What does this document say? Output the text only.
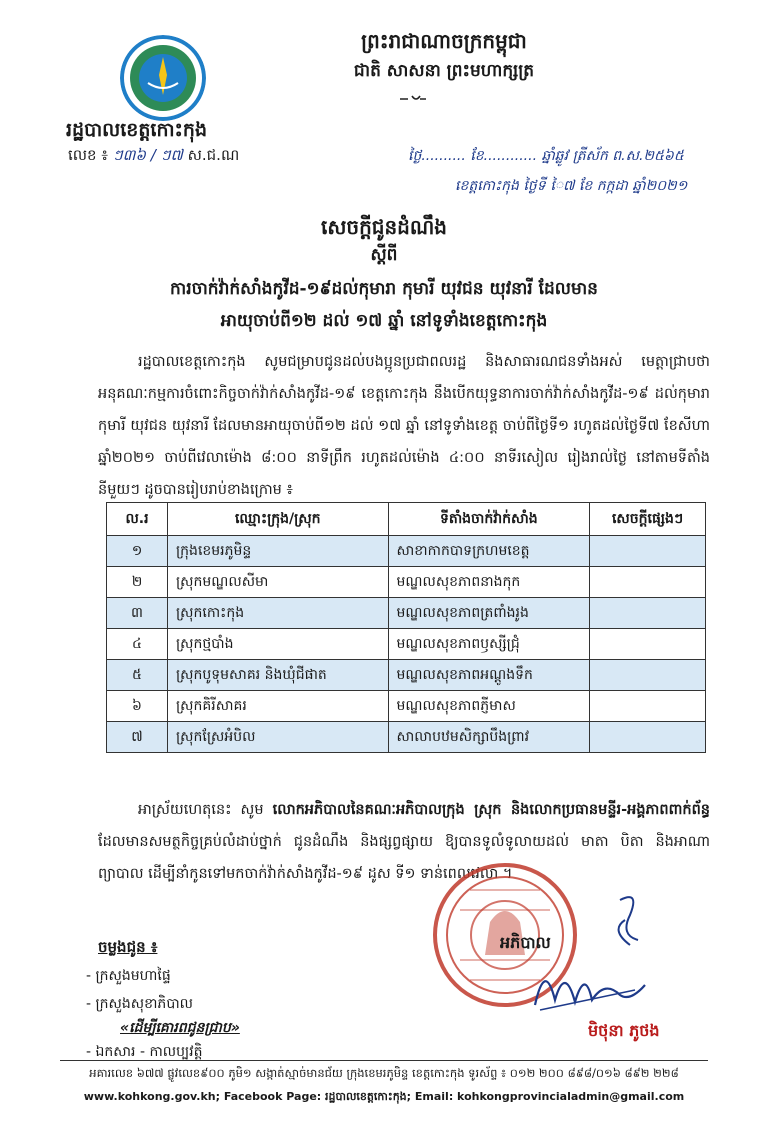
ព្រះរាជាណាចក្រកម្ពុជា
ជាតិ សាសនា ព្រះមហាក្សត្រ
រដ្ឋបាលខេត្តកោះកុង
លេខ ៖ ៗ៣៦ / ៗ៧ ស.ជ.ណ	ថ្ងៃ.......... ខែ............ ឆ្នាំឆ្លូវ ត្រីស័ក ព.ស.២៥៦៥
ខេត្តកោះកុង ថ្ងៃទី ៃ៧ ខែ កក្កដា ឆ្នាំ២០២១
សេចក្តីជូនដំណឹង
ស្តីពី
ការចាក់វ៉ាក់សាំងកូវីដ-១៩ដល់កុមារា កុមារី យុវជន យុវនារី ដែលមាន
អាយុចាប់ពី១២ ដល់ ១៧ ឆ្នាំ នៅទូទាំងខេត្តកោះកុង
រដ្ឋបាលខេត្តកោះកុង សូមជម្រាបជូនដល់បងប្អូនប្រជាពលរដ្ឋ និងសាធារណជនទាំងអស់ មេត្តាជ្រាបថា អនុគណៈកម្មការចំពោះកិច្ចចាក់វ៉ាក់សាំងកូវីដ-១៩ ខេត្តកោះកុង នឹងបើកយុទ្ធនាការចាក់វ៉ាក់សាំងកូវីដ-១៩ ដល់កុមារា កុមារី យុវជន យុវនារី ដែលមានអាយុចាប់ពី១២ ដល់ ១៧ ឆ្នាំ នៅទូទាំងខេត្ត ចាប់ពីថ្ងៃទី១ រហូតដល់ថ្ងៃទី៧ ខែសីហា ឆ្នាំ២០២១ ចាប់ពីវេលាម៉ោង ៨:០០ នាទីព្រឹក រហូតដល់ម៉ោង ៤:០០ នាទីរសៀល រៀងរាល់ថ្ងៃ នៅតាមទីតាំងនីមួយៗ ដូចបានរៀបរាប់ខាងក្រោម ៖
ល.រ	ឈ្មោះក្រុង/ស្រុក	ទីតាំងចាក់វ៉ាក់សាំង	សេចក្តីផ្សេងៗ
១	ក្រុងខេមរភូមិន្ទ	សាខាកាកបាទក្រហមខេត្ត	
២	ស្រុកមណ្ឌលសីមា	មណ្ឌលសុខភាពនាងកុក	
៣	ស្រុកកោះកុង	មណ្ឌលសុខភាពត្រពាំងរូង	
៤	ស្រុកថ្មបាំង	មណ្ឌលសុខភាពឫស្សីជ្រុំ	
៥	ស្រុកបូទុមសាគរ និងឃុំជីផាត	មណ្ឌលសុខភាពអណ្តូងទឹក	
៦	ស្រុកគិរីសាគរ	មណ្ឌលសុខភាពភ្ញីមាស	
៧	ស្រុកស្រែអំបិល	សាលាបឋមសិក្សាបឹងព្រាវ	
អាស្រ័យហេតុនេះ សូម លោកអភិបាលនៃគណៈអភិបាលក្រុង ស្រុក និងលោកប្រធានមន្ទីរ-អង្គភាពពាក់ព័ន្ធ ដែលមានសមត្ថកិច្ចគ្រប់លំដាប់ថ្នាក់ ជូនដំណឹង និងផ្សព្វផ្សាយ ឱ្យបានទូលំទូលាយដល់ មាតា បិតា និងអាណាព្យាបាល ដើម្បីនាំកូនទៅមកចាក់វ៉ាក់សាំងកូវីដ-១៩ ដូស ទី១ ទាន់ពេលវេលា ។
អភិបាល
មិថុនា ភូថង
ចម្លងជូន ៖
- ក្រសួងមហាផ្ទៃ
- ក្រសួងសុខាភិបាល
«ដើម្បីគោរពជូនជ្រាប»
- ឯកសារ - កាលប្បវត្តិ
អគារលេខ ៦៧៧ ផ្លូវលេខ៩០០ ភូមិ១ សង្កាត់ស្មាច់មានជ័យ ក្រុងខេមរភូមិន្ទ ខេត្តកោះកុង ទូរស័ព្ទ ៖ ០១២ ២០០ ៨៩៨/០១៦ ៨៩២ ២២៨
www.kohkong.gov.kh; Facebook Page: រដ្ឋបាលខេត្តកោះកុង; Email: kohkongprovincialadmin@gmail.com
